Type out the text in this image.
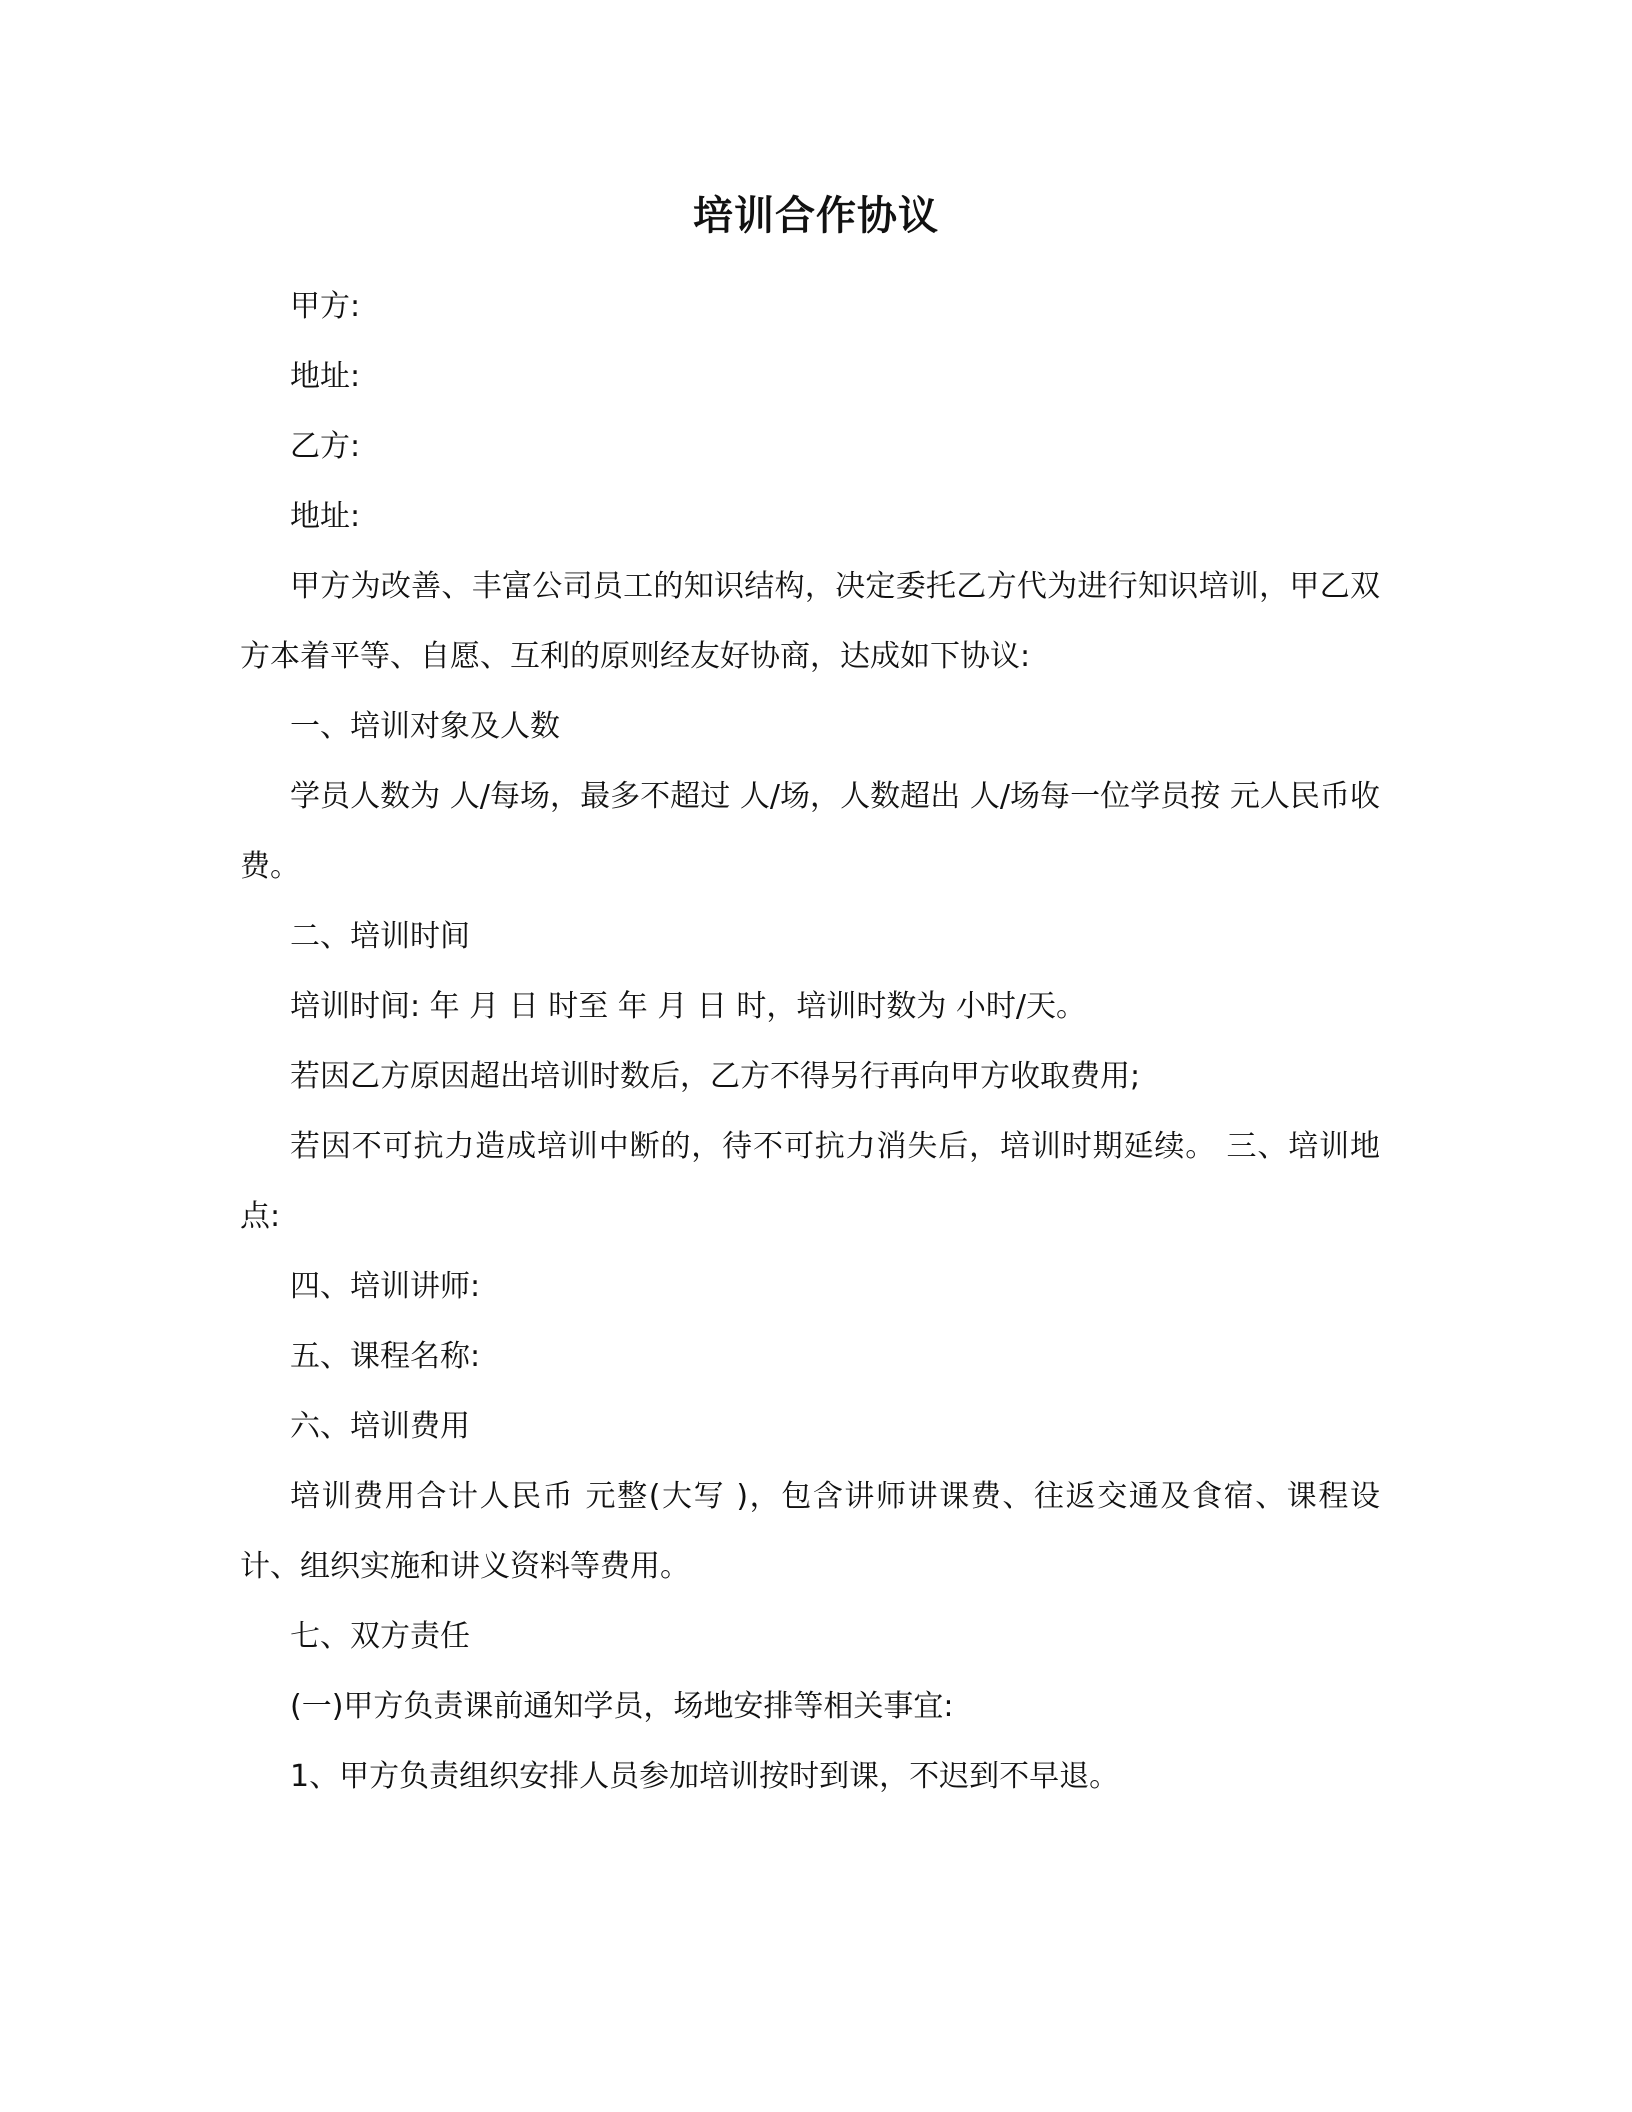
培训合作协议

甲方:

地址:

乙方:

地址:

甲方为改善、丰富公司员工的知识结构，决定委托乙方代为进行知识培训，甲乙双方本着平等、自愿、互利的原则经友好协商，达成如下协议:

一、培训对象及人数

学员人数为 人/每场，最多不超过 人/场，人数超出 人/场每一位学员按 元人民币收费。

二、培训时间

培训时间: 年 月 日 时至 年 月 日 时，培训时数为 小时/天。

若因乙方原因超出培训时数后，乙方不得另行再向甲方收取费用;

若因不可抗力造成培训中断的，待不可抗力消失后，培训时期延续。 三、培训地点:

四、培训讲师:

五、课程名称:

六、培训费用

培训费用合计人民币 元整(大写 )，包含讲师讲课费、往返交通及食宿、课程设计、组织实施和讲义资料等费用。

七、双方责任

(一)甲方负责课前通知学员，场地安排等相关事宜:

1、甲方负责组织安排人员参加培训按时到课，不迟到不早退。
